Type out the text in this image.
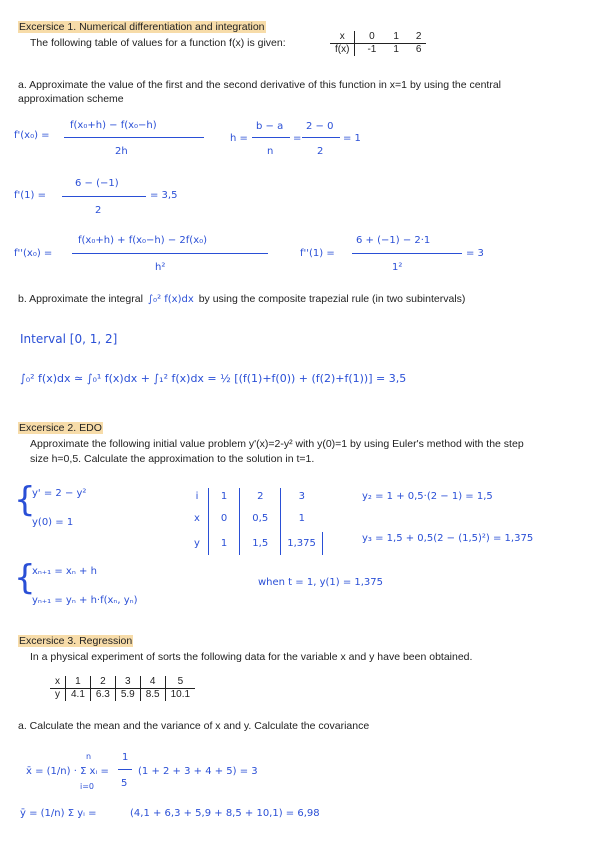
Excersice 1. Numerical differentiation and integration
The following table of values for a function f(x) is given:
x	0	1	2
f(x)	-1	1	6
a. Approximate the value of the first and the second derivative of this function in x=1 by using the central
approximation scheme
f'(x₀) =
f(x₀+h) − f(x₀−h)
2h
h =
b − a
n
=
2 − 0
2
= 1
f'(1) =
6 − (−1)
2
= 3,5
f''(x₀) =
f(x₀+h) + f(x₀−h) − 2f(x₀)
h²
f''(1) =
6 + (−1) − 2·1
1²
= 3
b. Approximate the integral ∫₀² f(x)dx by using the composite trapezial rule (in two subintervals)
Interval [0, 1, 2]
∫₀² f(x)dx ≃ ∫₀¹ f(x)dx + ∫₁² f(x)dx = ½ [(f(1)+f(0)) + (f(2)+f(1))] = 3,5
Excersice 2. EDO
Approximate the following initial value problem y'(x)=2-y² with y(0)=1 by using Euler's method with the step
size h=0,5. Calculate the approximation to the solution in t=1.
{
y' = 2 − y²
y(0) = 1
{
xₙ₊₁ = xₙ + h
yₙ₊₁ = yₙ + h·f(xₙ, yₙ)
i	1	2	3
x	0	0,5	1
y	1	1,5	1,375
y₂ = 1 + 0,5·(2 − 1) = 1,5
y₃ = 1,5 + 0,5(2 − (1,5)²) = 1,375
when t = 1, y(1) = 1,375
Excersice 3. Regression
In a physical experiment of sorts the following data for the variable x and y have been obtained.
x	1	2	3	4	5
y	4.1	6.3	5.9	8.5	10.1
a. Calculate the mean and the variance of x and y. Calculate the covariance
x̄ = (1/n) · Σ xᵢ =
n
i=0
1
5
(1 + 2 + 3 + 4 + 5) = 3
ȳ = (1/n) Σ yᵢ =	(4,1 + 6,3 + 5,9 + 8,5 + 10,1) = 6,98
